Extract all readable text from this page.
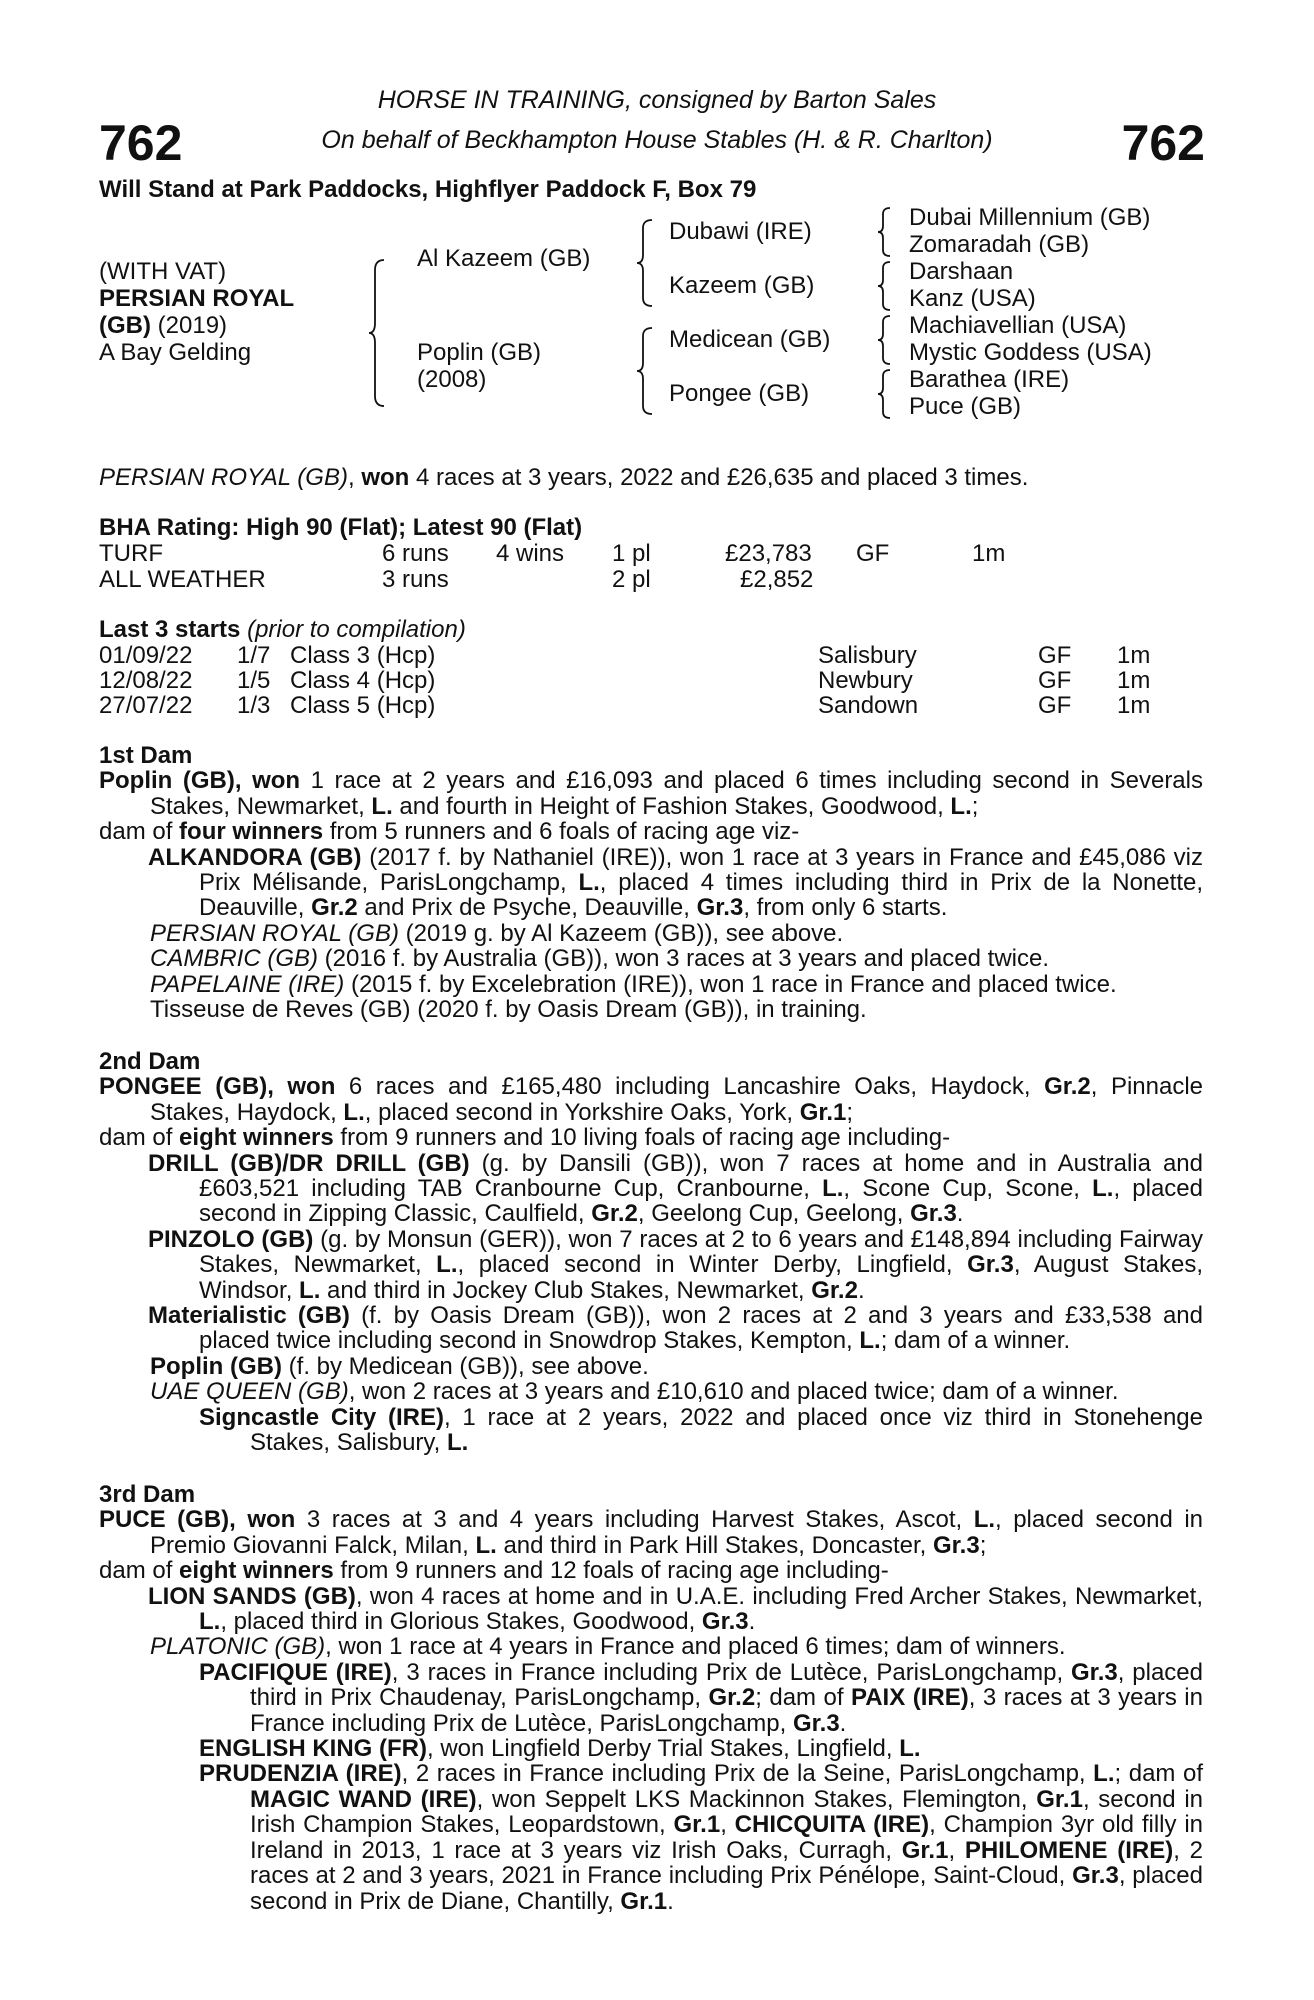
762	762
HORSE IN TRAINING, consigned by Barton Sales
On behalf of Beckhampton House Stables (H. & R. Charlton)
Will Stand at Park Paddocks, Highflyer Paddock F, Box 79
(WITH VAT)
PERSIAN ROYAL
(GB) (2019)
A Bay Gelding
Al Kazeem (GB)
Poplin (GB)
(2008)
Dubawi (IRE)
Kazeem (GB)
Medicean (GB)
Pongee (GB)
Dubai Millennium (GB)
Zomaradah (GB)
Darshaan
Kanz (USA)
Machiavellian (USA)
Mystic Goddess (USA)
Barathea (IRE)
Puce (GB)
PERSIAN ROYAL (GB), won 4 races at 3 years, 2022 and £26,635 and placed 3 times.
BHA Rating: High 90 (Flat); Latest 90 (Flat)
TURF	6 runs 4 wins 1 pl	£23,783 GF	1m
ALL WEATHER	3 runs	2 pl	£2,852
Last 3 starts (prior to compilation)
01/09/22 1/7 Class 3 (Hcp)	Salisbury	GF 1m
12/08/22 1/5 Class 4 (Hcp)	Newbury	GF 1m
27/07/22 1/3 Class 5 (Hcp)	Sandown	GF 1m

1st Dam

Poplin (GB), won 1 race at 2 years and £16,093 and placed 6 times including second in Severals Stakes, Newmarket, L. and fourth in Height of Fashion Stakes, Goodwood, L.;

dam of four winners from 5 runners and 6 foals of racing age viz-

ALKANDORA (GB) (2017 f. by Nathaniel (IRE)), won 1 race at 3 years in France and £45,086 viz Prix Mélisande, ParisLongchamp, L., placed 4 times including third in Prix de la Nonette, Deauville, Gr.2 and Prix de Psyche, Deauville, Gr.3, from only 6 starts.

PERSIAN ROYAL (GB) (2019 g. by Al Kazeem (GB)), see above.

CAMBRIC (GB) (2016 f. by Australia (GB)), won 3 races at 3 years and placed twice.

PAPELAINE (IRE) (2015 f. by Excelebration (IRE)), won 1 race in France and placed twice.

Tisseuse de Reves (GB) (2020 f. by Oasis Dream (GB)), in training.

2nd Dam

PONGEE (GB), won 6 races and £165,480 including Lancashire Oaks, Haydock, Gr.2, Pinnacle Stakes, Haydock, L., placed second in Yorkshire Oaks, York, Gr.1;

dam of eight winners from 9 runners and 10 living foals of racing age including-

DRILL (GB)/DR DRILL (GB) (g. by Dansili (GB)), won 7 races at home and in Australia and £603,521 including TAB Cranbourne Cup, Cranbourne, L., Scone Cup, Scone, L., placed second in Zipping Classic, Caulfield, Gr.2, Geelong Cup, Geelong, Gr.3.

PINZOLO (GB) (g. by Monsun (GER)), won 7 races at 2 to 6 years and £148,894 including Fairway Stakes, Newmarket, L., placed second in Winter Derby, Lingfield, Gr.3, August Stakes, Windsor, L. and third in Jockey Club Stakes, Newmarket, Gr.2.

Materialistic (GB) (f. by Oasis Dream (GB)), won 2 races at 2 and 3 years and £33,538 and placed twice including second in Snowdrop Stakes, Kempton, L.; dam of a winner.

Poplin (GB) (f. by Medicean (GB)), see above.

UAE QUEEN (GB), won 2 races at 3 years and £10,610 and placed twice; dam of a winner.

Signcastle City (IRE), 1 race at 2 years, 2022 and placed once viz third in Stonehenge Stakes, Salisbury, L.

3rd Dam

PUCE (GB), won 3 races at 3 and 4 years including Harvest Stakes, Ascot, L., placed second in Premio Giovanni Falck, Milan, L. and third in Park Hill Stakes, Doncaster, Gr.3;

dam of eight winners from 9 runners and 12 foals of racing age including-

LION SANDS (GB), won 4 races at home and in U.A.E. including Fred Archer Stakes, Newmarket, L., placed third in Glorious Stakes, Goodwood, Gr.3.

PLATONIC (GB), won 1 race at 4 years in France and placed 6 times; dam of winners.

PACIFIQUE (IRE), 3 races in France including Prix de Lutèce, ParisLongchamp, Gr.3, placed third in Prix Chaudenay, ParisLongchamp, Gr.2; dam of PAIX (IRE), 3 races at 3 years in France including Prix de Lutèce, ParisLongchamp, Gr.3.

ENGLISH KING (FR), won Lingfield Derby Trial Stakes, Lingfield, L.

PRUDENZIA (IRE), 2 races in France including Prix de la Seine, ParisLongchamp, L.; dam of MAGIC WAND (IRE), won Seppelt LKS Mackinnon Stakes, Flemington, Gr.1, second in Irish Champion Stakes, Leopardstown, Gr.1, CHICQUITA (IRE), Champion 3yr old filly in Ireland in 2013, 1 race at 3 years viz Irish Oaks, Curragh, Gr.1, PHILOMENE (IRE), 2 races at 2 and 3 years, 2021 in France including Prix Pénélope, Saint-Cloud, Gr.3, placed second in Prix de Diane, Chantilly, Gr.1.
